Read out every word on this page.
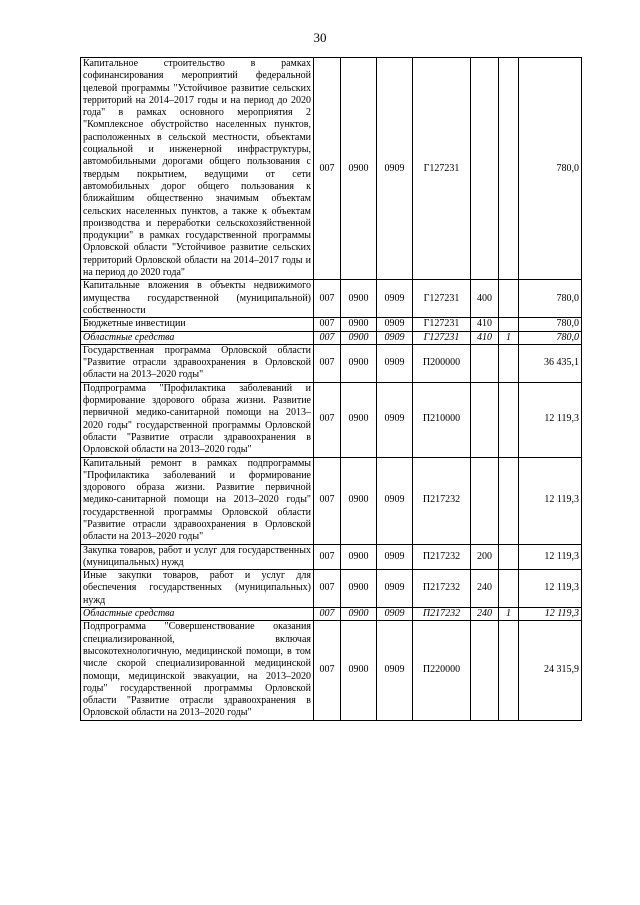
30
Капитальное строительство в рамках софинансирования мероприятий федеральной целевой программы "Устойчивое развитие сельских территорий на 2014–2017 годы и на период до 2020 года" в рамках основного мероприятия 2 "Комплексное обустройство населенных пунктов, расположенных в сельской местности, объектами социальной и инженерной инфраструктуры, автомобильными дорогами общего пользования с твердым покрытием, ведущими от сети автомобильных дорог общего пользования к ближайшим общественно значимым объектам сельских населенных пунктов, а также к объектам производства и переработки сельскохозяйственной продукции" в рамках государственной программы Орловской области "Устойчивое развитие сельских территорий Орловской области на 2014–2017 годы и на период до 2020 года"	007	0900	0909	Г127231			780,0
Капитальные вложения в объекты недвижимого имущества государственной (муниципальной) собственности	007	0900	0909	Г127231	400		780,0
Бюджетные инвестиции	007	0900	0909	Г127231	410		780,0
Областные средства	007	0900	0909	Г127231	410	1	780,0
Государственная программа Орловской области "Развитие отрасли здравоохранения в Орловской области на 2013–2020 годы"	007	0900	0909	П200000			36 435,1
Подпрограмма "Профилактика заболеваний и формирование здорового образа жизни. Развитие первичной медико-санитарной помощи на 2013–2020 годы" государственной программы Орловской области "Развитие отрасли здравоохранения в Орловской области на 2013–2020 годы"	007	0900	0909	П210000			12 119,3
Капитальный ремонт в рамках подпрограммы "Профилактика заболеваний и формирование здорового образа жизни. Развитие первичной медико-санитарной помощи на 2013–2020 годы" государственной программы Орловской области "Развитие отрасли здравоохранения в Орловской области на 2013–2020 годы"	007	0900	0909	П217232			12 119,3
Закупка товаров, работ и услуг для государственных (муниципальных) нужд	007	0900	0909	П217232	200		12 119,3
Иные закупки товаров, работ и услуг для обеспечения государственных (муниципальных) нужд	007	0900	0909	П217232	240		12 119,3
Областные средства	007	0900	0909	П217232	240	1	12 119,3
Подпрограмма "Совершенствование оказания специализированной, включая высокотехнологичную, медицинской помощи, в том числе скорой специализированной медицинской помощи, медицинской эвакуации, на 2013–2020 годы" государственной программы Орловской области "Развитие отрасли здравоохранения в Орловской области на 2013–2020 годы"	007	0900	0909	П220000			24 315,9
